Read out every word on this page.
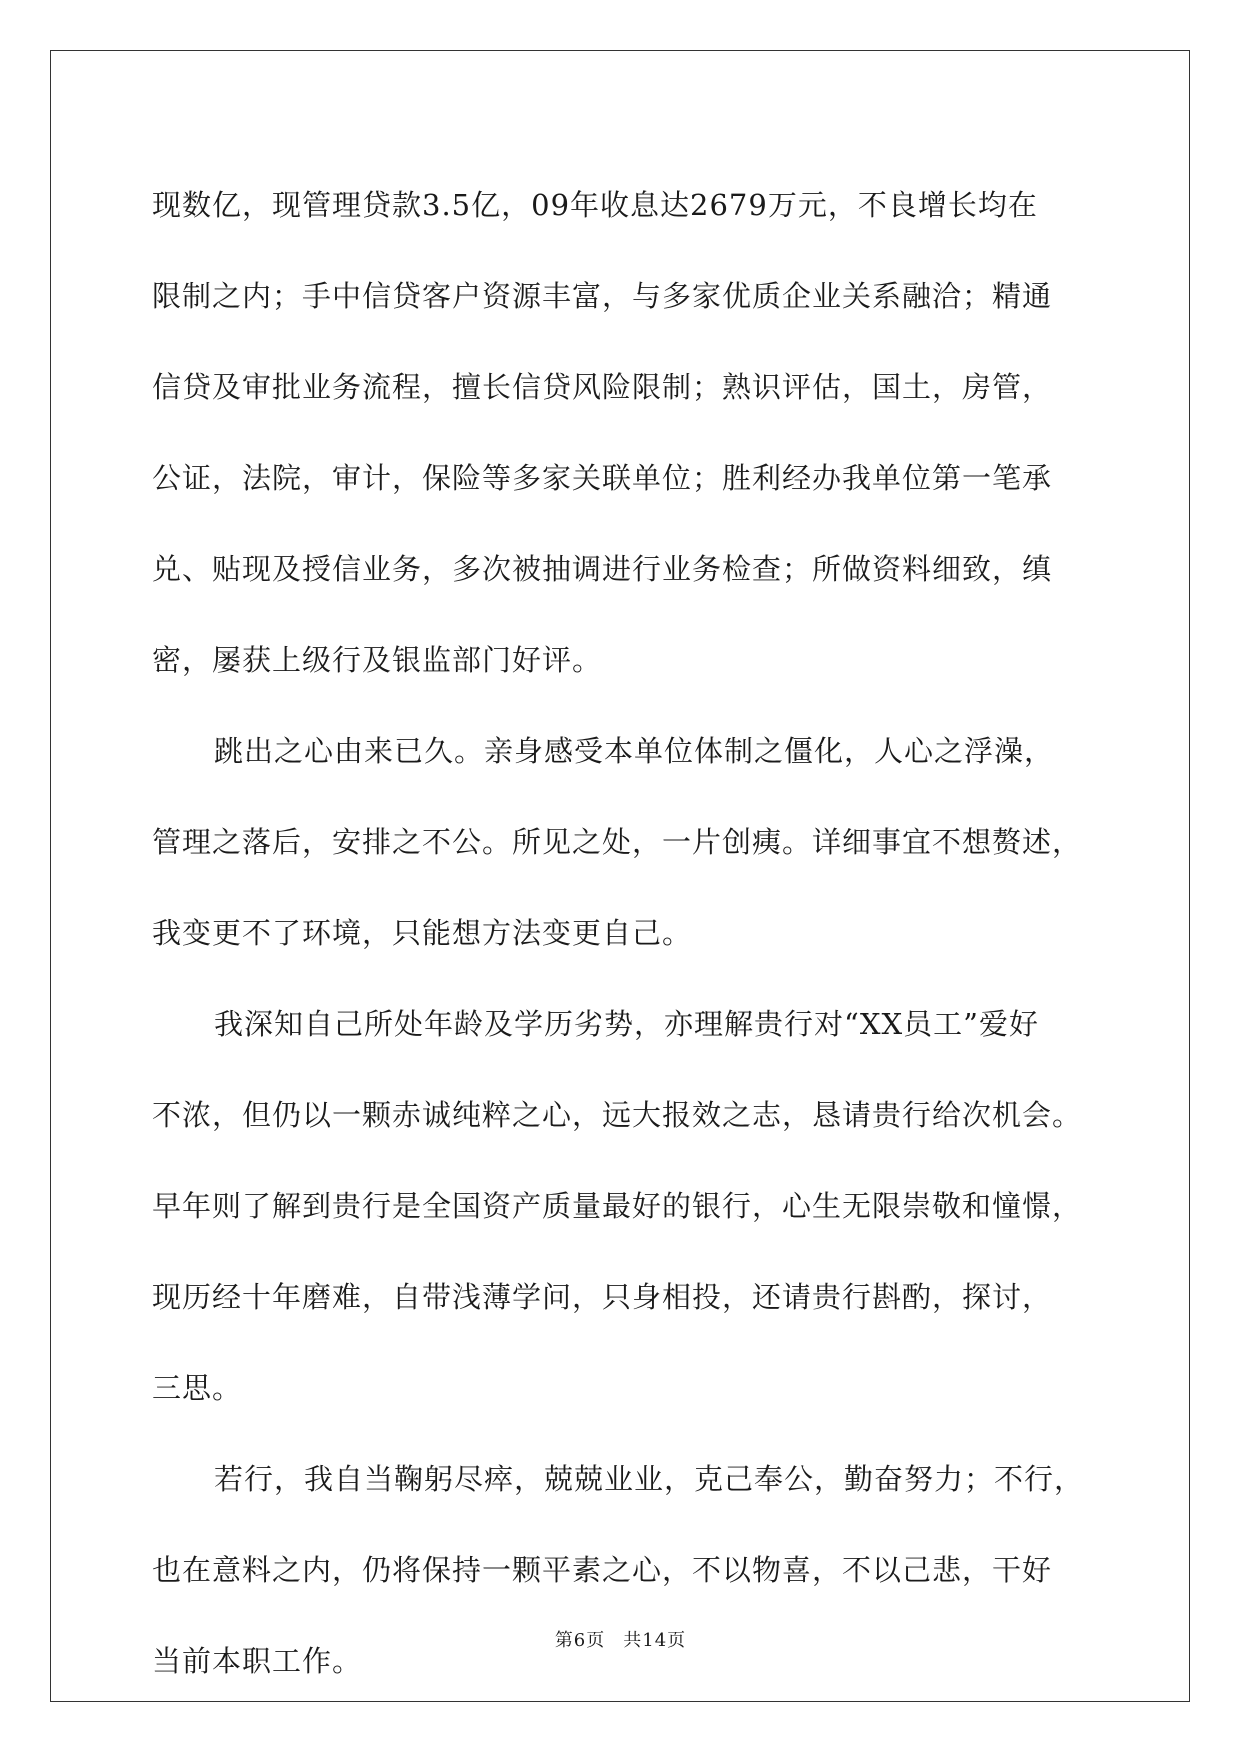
现数亿，现管理贷款3.5亿，09年收息达2679万元，不良增长均在
限制之内；手中信贷客户资源丰富，与多家优质企业关系融洽；精通
信贷及审批业务流程，擅长信贷风险限制；熟识评估，国土，房管，
公证，法院，审计，保险等多家关联单位；胜利经办我单位第一笔承
兑、贴现及授信业务，多次被抽调进行业务检查；所做资料细致，缜
密，屡获上级行及银监部门好评。

跳出之心由来已久。亲身感受本单位体制之僵化，人心之浮澡，
管理之落后，安排之不公。所见之处，一片创痍。详细事宜不想赘述，
我变更不了环境，只能想方法变更自己。

我深知自己所处年龄及学历劣势，亦理解贵行对“XX员工”爱好
不浓，但仍以一颗赤诚纯粹之心，远大报效之志，恳请贵行给次机会。
早年则了解到贵行是全国资产质量最好的银行，心生无限崇敬和憧憬，
现历经十年磨难，自带浅薄学问，只身相投，还请贵行斟酌，探讨，
三思。

若行，我自当鞠躬尽瘁，兢兢业业，克己奉公，勤奋努力；不行，
也在意料之内，仍将保持一颗平素之心，不以物喜，不以己悲，干好
当前本职工作。

第6页 共14页
